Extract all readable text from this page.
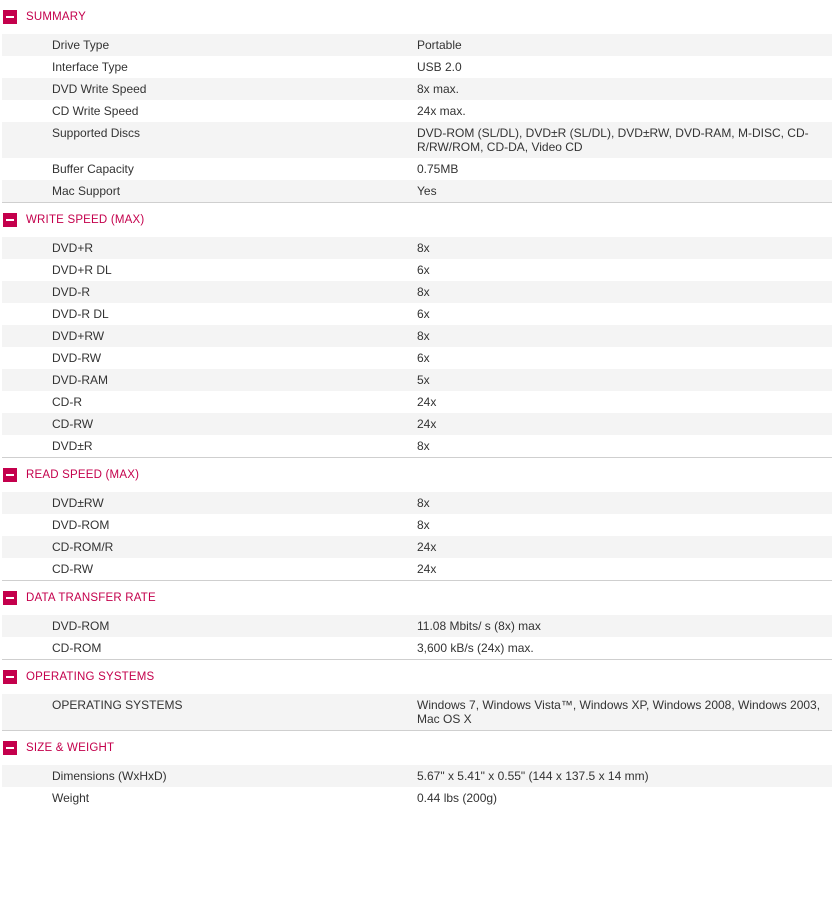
SUMMARY
Drive Type	Portable
Interface Type	USB 2.0
DVD Write Speed	8x max.
CD Write Speed	24x max.
Supported Discs	DVD-ROM (SL/DL), DVD±R (SL/DL), DVD±RW, DVD-RAM, M-DISC, CD-R/RW/ROM, CD-DA, Video CD
Buffer Capacity	0.75MB
Mac Support	Yes
WRITE SPEED (MAX)
DVD+R	8x
DVD+R DL	6x
DVD-R	8x
DVD-R DL	6x
DVD+RW	8x
DVD-RW	6x
DVD-RAM	5x
CD-R	24x
CD-RW	24x
DVD±R	8x
READ SPEED (MAX)
DVD±RW	8x
DVD-ROM	8x
CD-ROM/R	24x
CD-RW	24x
DATA TRANSFER RATE
DVD-ROM	11.08 Mbits/ s (8x) max
CD-ROM	3,600 kB/s (24x) max.
OPERATING SYSTEMS
OPERATING SYSTEMS	Windows 7, Windows Vista™, Windows XP, Windows 2008, Windows 2003, Mac OS X
SIZE & WEIGHT
Dimensions (WxHxD)	5.67" x 5.41" x 0.55" (144 x 137.5 x 14 mm)
Weight	0.44 lbs (200g)
